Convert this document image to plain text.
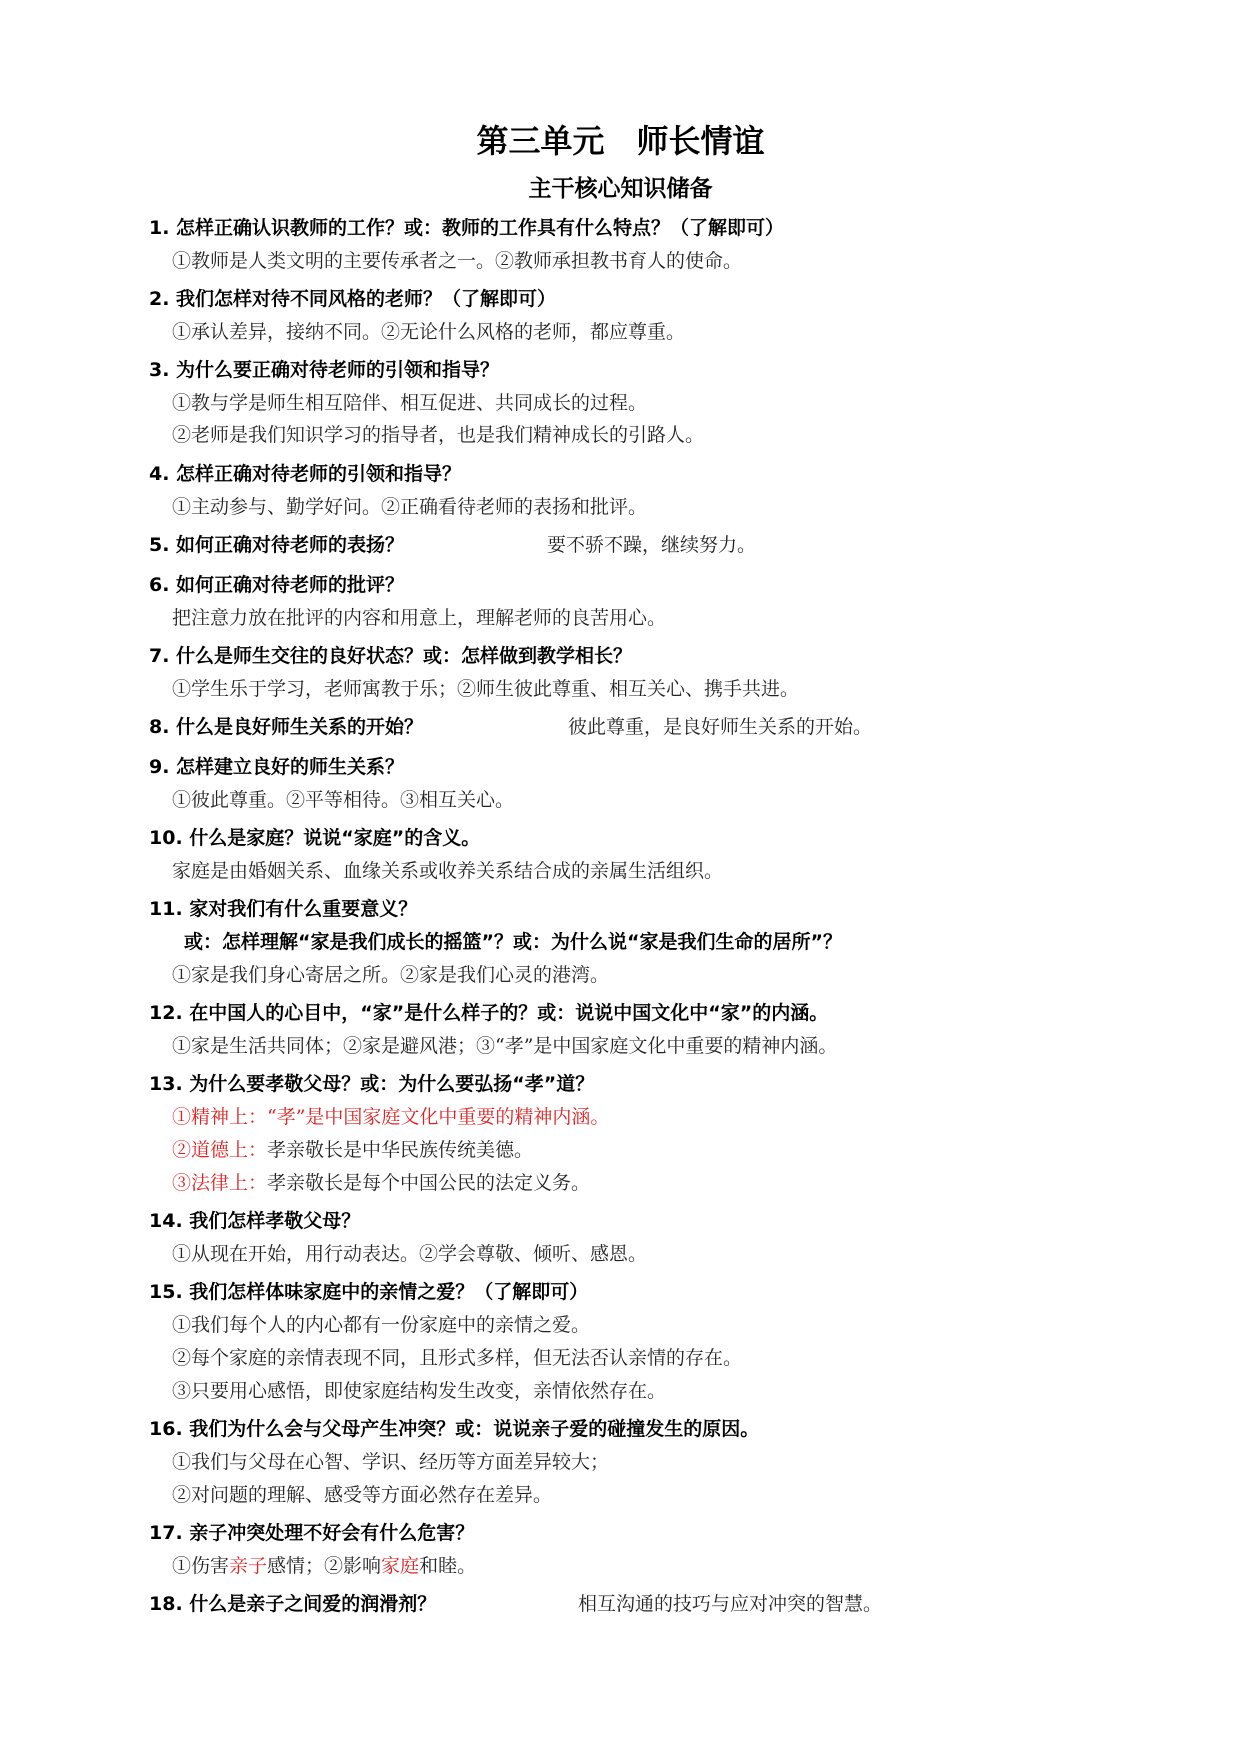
第三单元　师长情谊
主干核心知识储备
1. 怎样正确认识教师的工作？或：教师的工作具有什么特点？（了解即可）
①教师是人类文明的主要传承者之一。②教师承担教书育人的使命。
2. 我们怎样对待不同风格的老师？（了解即可）
①承认差异，接纳不同。②无论什么风格的老师，都应尊重。
3. 为什么要正确对待老师的引领和指导？
①教与学是师生相互陪伴、相互促进、共同成长的过程。
②老师是我们知识学习的指导者，也是我们精神成长的引路人。
4. 怎样正确对待老师的引领和指导？
①主动参与、勤学好问。②正确看待老师的表扬和批评。
5. 如何正确对待老师的表扬？	要不骄不躁，继续努力。
6. 如何正确对待老师的批评？
把注意力放在批评的内容和用意上，理解老师的良苦用心。
7. 什么是师生交往的良好状态？或：怎样做到教学相长？
①学生乐于学习，老师寓教于乐；②师生彼此尊重、相互关心、携手共进。
8. 什么是良好师生关系的开始？	彼此尊重，是良好师生关系的开始。
9. 怎样建立良好的师生关系？
①彼此尊重。②平等相待。③相互关心。
10. 什么是家庭？说说“家庭”的含义。
家庭是由婚姻关系、血缘关系或收养关系结合成的亲属生活组织。
11. 家对我们有什么重要意义？
或：怎样理解“家是我们成长的摇篮”？或：为什么说“家是我们生命的居所”？
①家是我们身心寄居之所。②家是我们心灵的港湾。
12. 在中国人的心目中，“家”是什么样子的？或：说说中国文化中“家”的内涵。
①家是生活共同体；②家是避风港；③“孝”是中国家庭文化中重要的精神内涵。
13. 为什么要孝敬父母？或：为什么要弘扬“孝”道？
①精神上：“孝”是中国家庭文化中重要的精神内涵。
②道德上：孝亲敬长是中华民族传统美德。
③法律上：孝亲敬长是每个中国公民的法定义务。
14. 我们怎样孝敬父母？
①从现在开始，用行动表达。②学会尊敬、倾听、感恩。
15. 我们怎样体味家庭中的亲情之爱？（了解即可）
①我们每个人的内心都有一份家庭中的亲情之爱。
②每个家庭的亲情表现不同，且形式多样，但无法否认亲情的存在。
③只要用心感悟，即使家庭结构发生改变，亲情依然存在。
16. 我们为什么会与父母产生冲突？或：说说亲子爱的碰撞发生的原因。
①我们与父母在心智、学识、经历等方面差异较大；
②对问题的理解、感受等方面必然存在差异。
17. 亲子冲突处理不好会有什么危害？
①伤害亲子感情；②影响家庭和睦。
18. 什么是亲子之间爱的润滑剂？	相互沟通的技巧与应对冲突的智慧。
